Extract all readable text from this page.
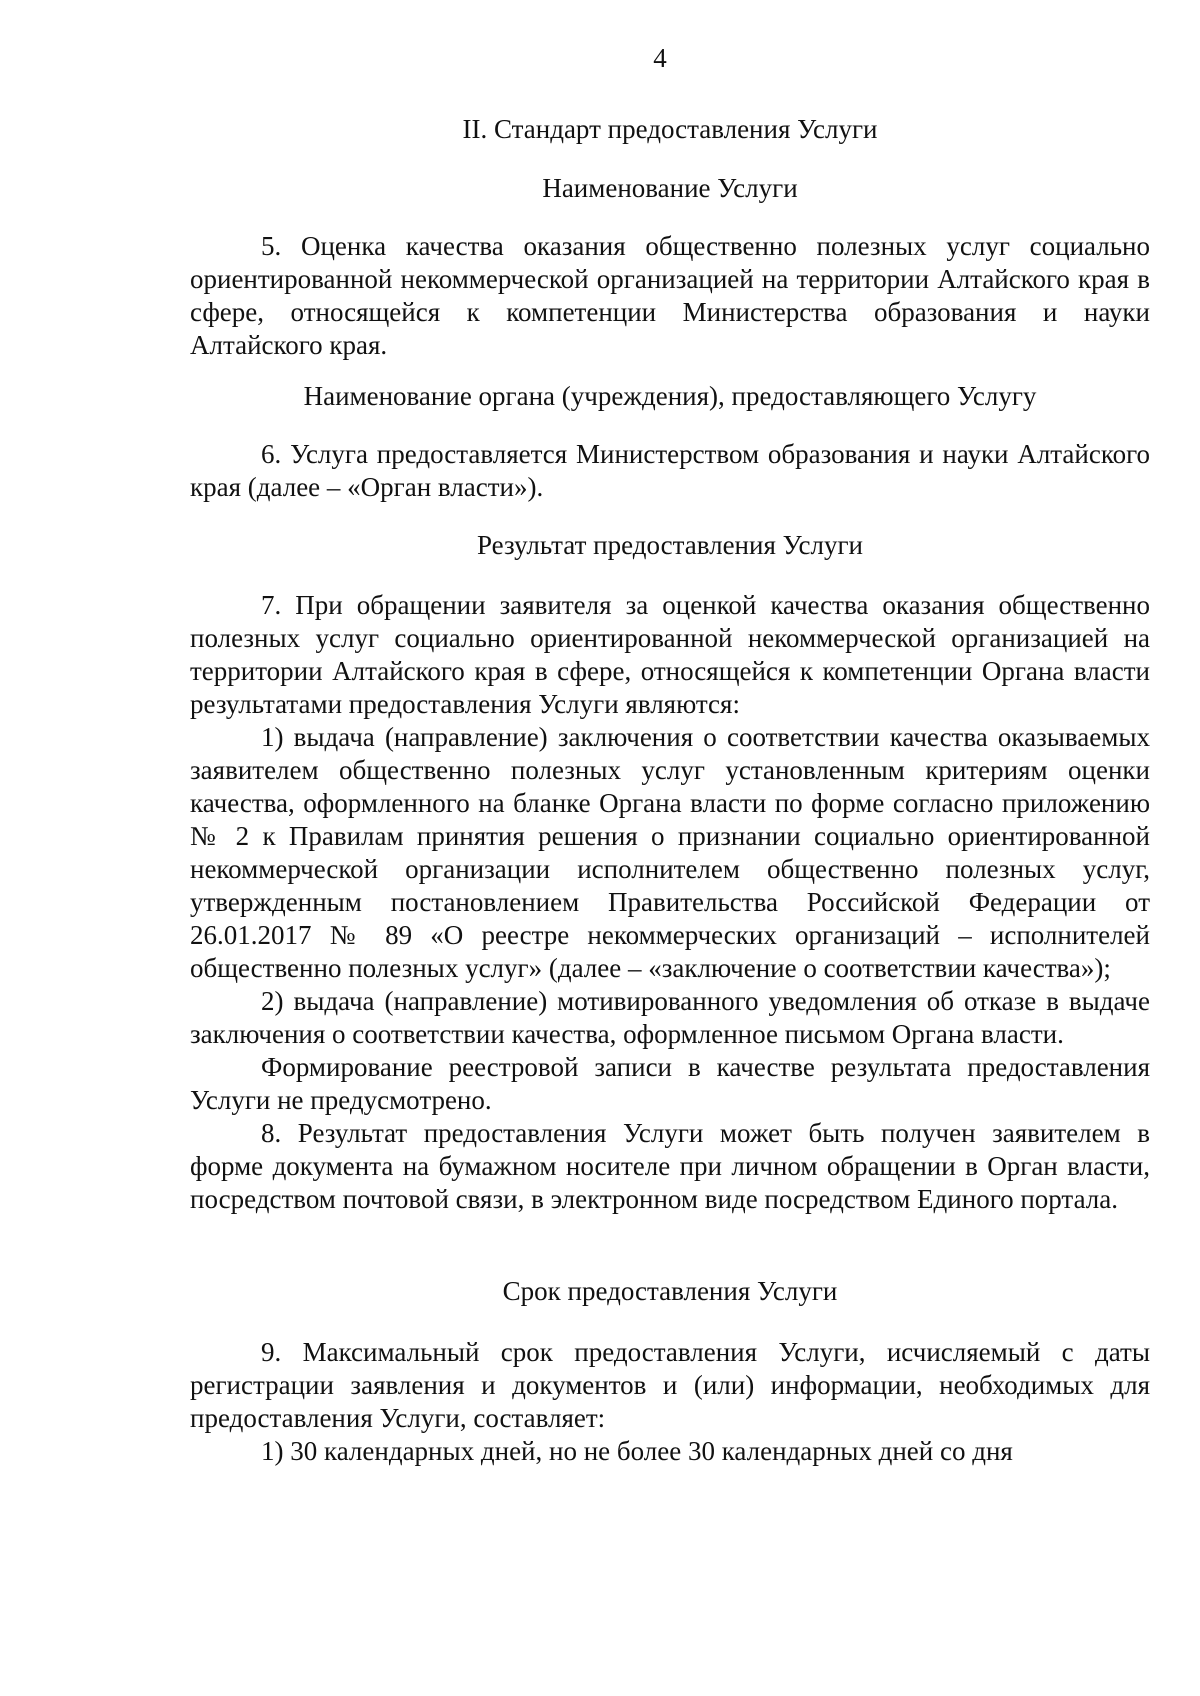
4
II. Стандарт предоставления Услуги
Наименование Услуги

5. Оценка качества оказания общественно полезных услуг социально ориентированной некоммерческой организацией на территории Алтайского края в сфере, относящейся к компетенции Министерства образования и науки Алтайского края.

Наименование органа (учреждения), предоставляющего Услугу

6. Услуга предоставляется Министерством образования и науки Алтайского края (далее – «Орган власти»).

Результат предоставления Услуги

7. При обращении заявителя за оценкой качества оказания общественно полезных услуг социально ориентированной некоммерческой организацией на территории Алтайского края в сфере, относящейся к компетенции Органа власти результатами предоставления Услуги являются:

1) выдача (направление) заключения о соответствии качества оказываемых заявителем общественно полезных услуг установленным критериям оценки качества, оформленного на бланке Органа власти по форме согласно приложению № 2 к Правилам принятия решения о признании социально ориентированной некоммерческой организации исполнителем общественно полезных услуг, утвержденным постановлением Правительства Российской Федерации от 26.01.2017 № 89 «О реестре некоммерческих организаций – исполнителей общественно полезных услуг» (далее – «заключение о соответствии качества»);

2) выдача (направление) мотивированного уведомления об отказе в выдаче заключения о соответствии качества, оформленное письмом Органа власти.

Формирование реестровой записи в качестве результата предоставления Услуги не предусмотрено.

8. Результат предоставления Услуги может быть получен заявителем в форме документа на бумажном носителе при личном обращении в Орган власти, посредством почтовой связи, в электронном виде посредством Единого портала.

Срок предоставления Услуги

9. Максимальный срок предоставления Услуги, исчисляемый с даты регистрации заявления и документов и (или) информации, необходимых для предоставления Услуги, составляет:

1) 30 календарных дней, но не более 30 календарных дней со дня
